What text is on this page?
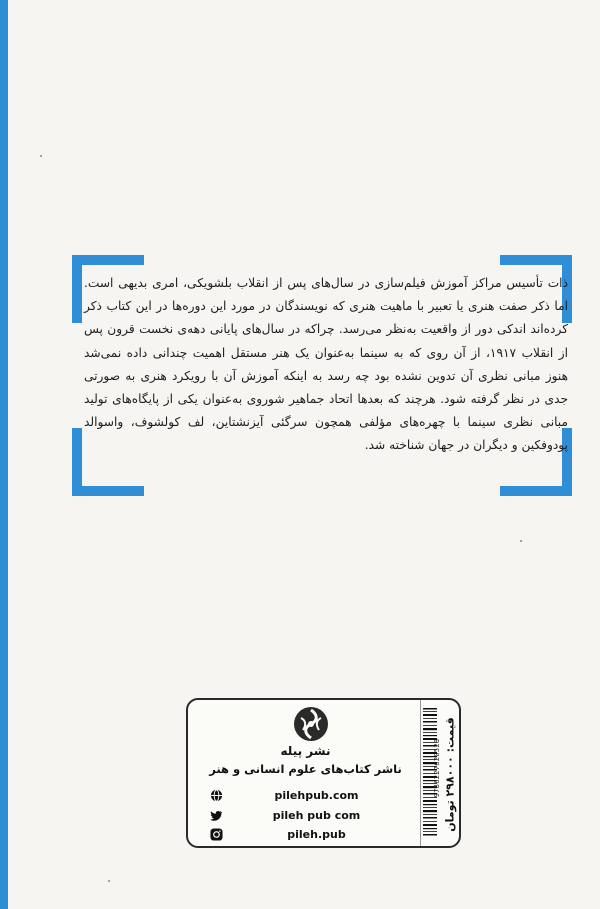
ذات تأسیس مراکز آموزش فیلم‌سازی در سال‌های پس از انقلاب بلشویکی، امری بدیهی است. اما ذکر صفت هنری یا تعبیر با ماهیت هنری که نویسندگان در مورد این دوره‌ها در این کتاب ذکر کرده‌اند اندکی دور از واقعیت به‌نظر می‌رسد. چراکه در سال‌های پایانی دهه‌ی نخست قرون پس از انقلاب ۱۹۱۷، از آن روی که به سینما به‌عنوان یک هنر مستقل اهمیت چندانی داده نمی‌شد هنوز مبانی نظری آن تدوین نشده بود چه رسد به اینکه آموزش آن با رویکرد هنری به صورتی جدی در نظر گرفته شود. هرچند که بعدها اتحاد جماهیر شوروی به‌عنوان یکی از پایگاه‌های تولید مبانی نظری سینما با چهره‌های مؤلفی همچون سرگئی آیزنشتاین، لف کولشوف، واسوالد پودوفکین و دیگران در جهان شناخته شد.

نشر پیله
ناشر کتاب‌های علوم انسانی و هنر
pilehpub.com
pileh pub com
pileh.pub
9786227620528
قیمت: ۲۹۸۰۰۰ تومان
